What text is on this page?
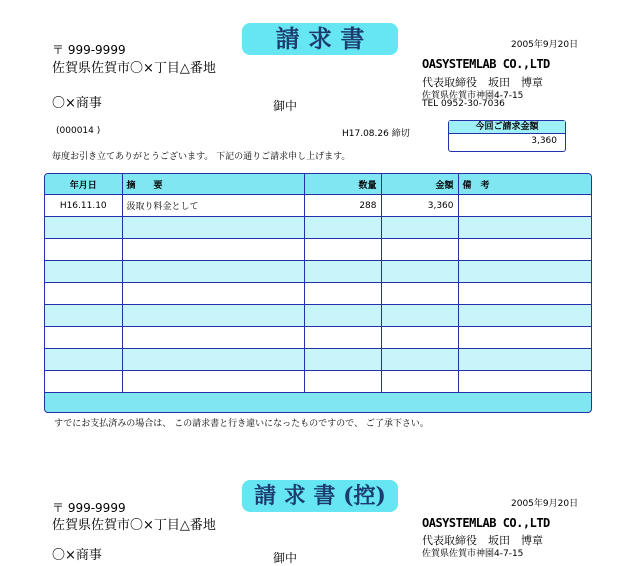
請 求 書	2005年9月20日
〒 999-9999
佐賀県佐賀市〇×丁目△番地
〇×商事	御中
OASYSTEMLAB CO.,LTD
代表取締役　坂田　博章
佐賀県佐賀市神園4-7-15
TEL 0952-30-7036
(000014 )	H17.08.26 締切
今回ご請求金額
3,360
毎度お引き立てありがとうございます。 下記の通りご請求申し上げます。
年月日	摘　　要	数量	金額	備　考
H16.11.10	汲取り料金として	288	3,360	

すでにお支払済みの場合は、 この請求書と行き違いになったものですので、 ご了承下さい。
請 求 書 (控)	2005年9月20日
〒 999-9999
佐賀県佐賀市〇×丁目△番地
〇×商事	御中
OASYSTEMLAB CO.,LTD
代表取締役　坂田　博章
佐賀県佐賀市神園4-7-15
